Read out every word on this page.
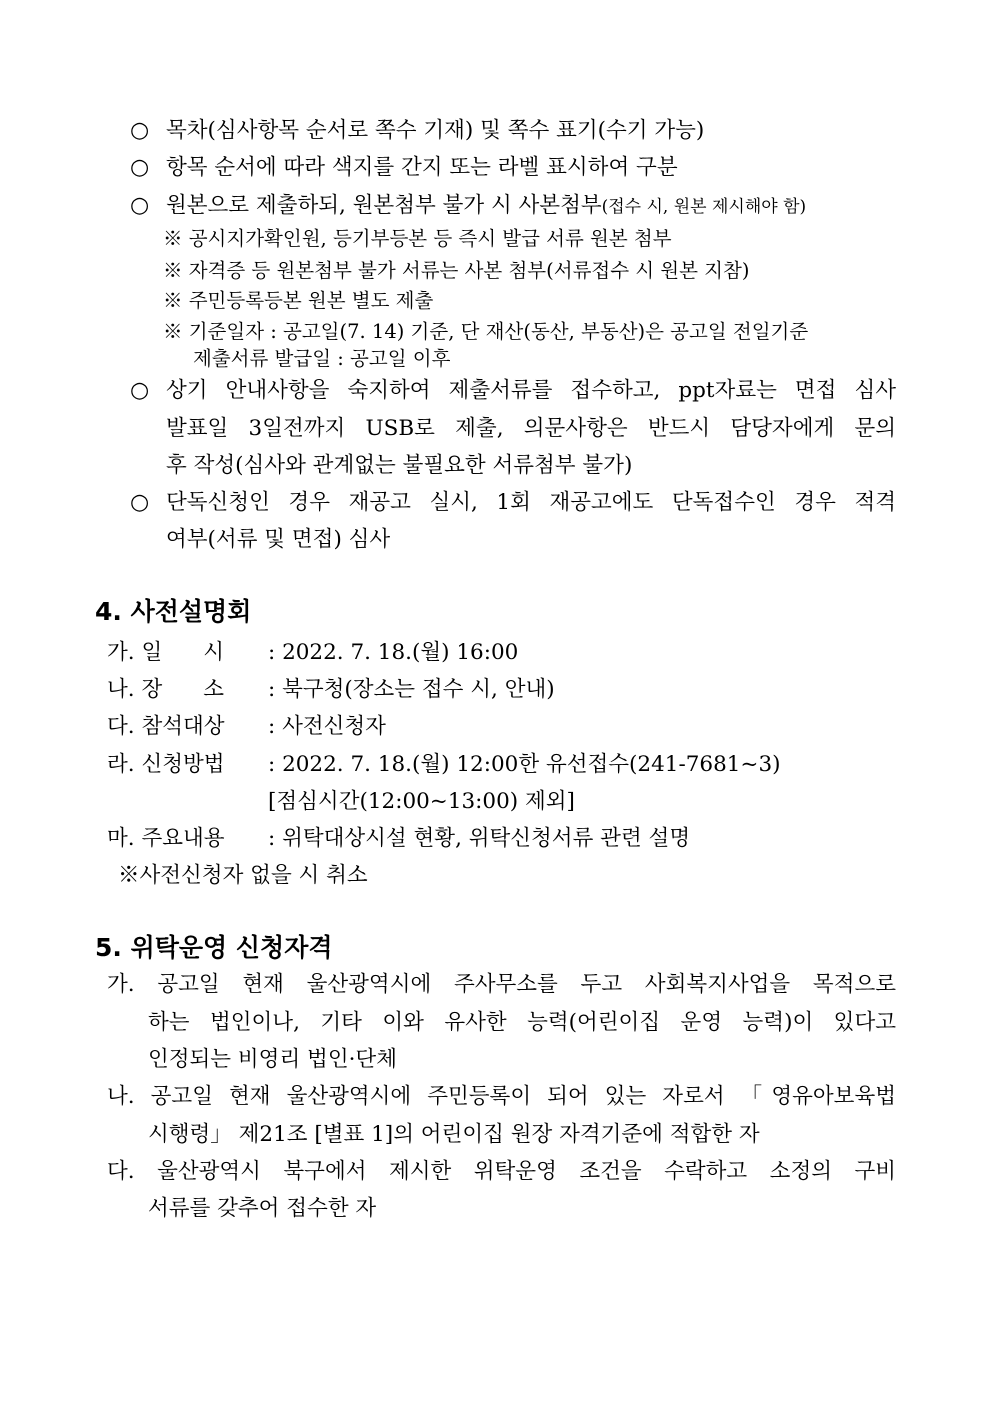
○ 목차(심사항목 순서로 쪽수 기재) 및 쪽수 표기(수기 가능)
○ 항목 순서에 따라 색지를 간지 또는 라벨 표시하여 구분
○ 원본으로 제출하되, 원본첨부 불가 시 사본첨부(접수 시, 원본 제시해야 함)
※ 공시지가확인원, 등기부등본 등 즉시 발급 서류 원본 첨부
※ 자격증 등 원본첨부 불가 서류는 사본 첨부(서류접수 시 원본 지참)
※ 주민등록등본 원본 별도 제출
※ 기준일자 : 공고일(7. 14) 기준, 단 재산(동산, 부동산)은 공고일 전일기준
제출서류 발급일 : 공고일 이후
○ 상기 안내사항을 숙지하여 제출서류를 접수하고, ppt자료는 면접 심사
발표일 3일전까지 USB로 제출, 의문사항은 반드시 담당자에게 문의
후 작성(심사와 관계없는 불필요한 서류첨부 불가)
○ 단독신청인 경우 재공고 실시, 1회 재공고에도 단독접수인 경우 적격
여부(서류 및 면접) 심사
4. 사전설명회
가. 일      시 : 2022. 7. 18.(월) 16:00
나. 장      소 : 북구청(장소는 접수 시, 안내)
다. 참석대상 : 사전신청자
라. 신청방법 : 2022. 7. 18.(월) 12:00한 유선접수(241-7681~3)
[점심시간(12:00~13:00) 제외]
마. 주요내용 : 위탁대상시설 현황, 위탁신청서류 관련 설명
※사전신청자 없을 시 취소
5. 위탁운영 신청자격
가. 공고일 현재 울산광역시에 주사무소를 두고 사회복지사업을 목적으로
하는 법인이나, 기타 이와 유사한 능력(어린이집 운영 능력)이 있다고
인정되는 비영리 법인·단체
나. 공고일 현재 울산광역시에 주민등록이 되어 있는 자로서 「영유아보육법
시행령」 제21조 [별표 1]의 어린이집 원장 자격기준에 적합한 자
다. 울산광역시 북구에서 제시한 위탁운영 조건을 수락하고 소정의 구비
서류를 갖추어 접수한 자
